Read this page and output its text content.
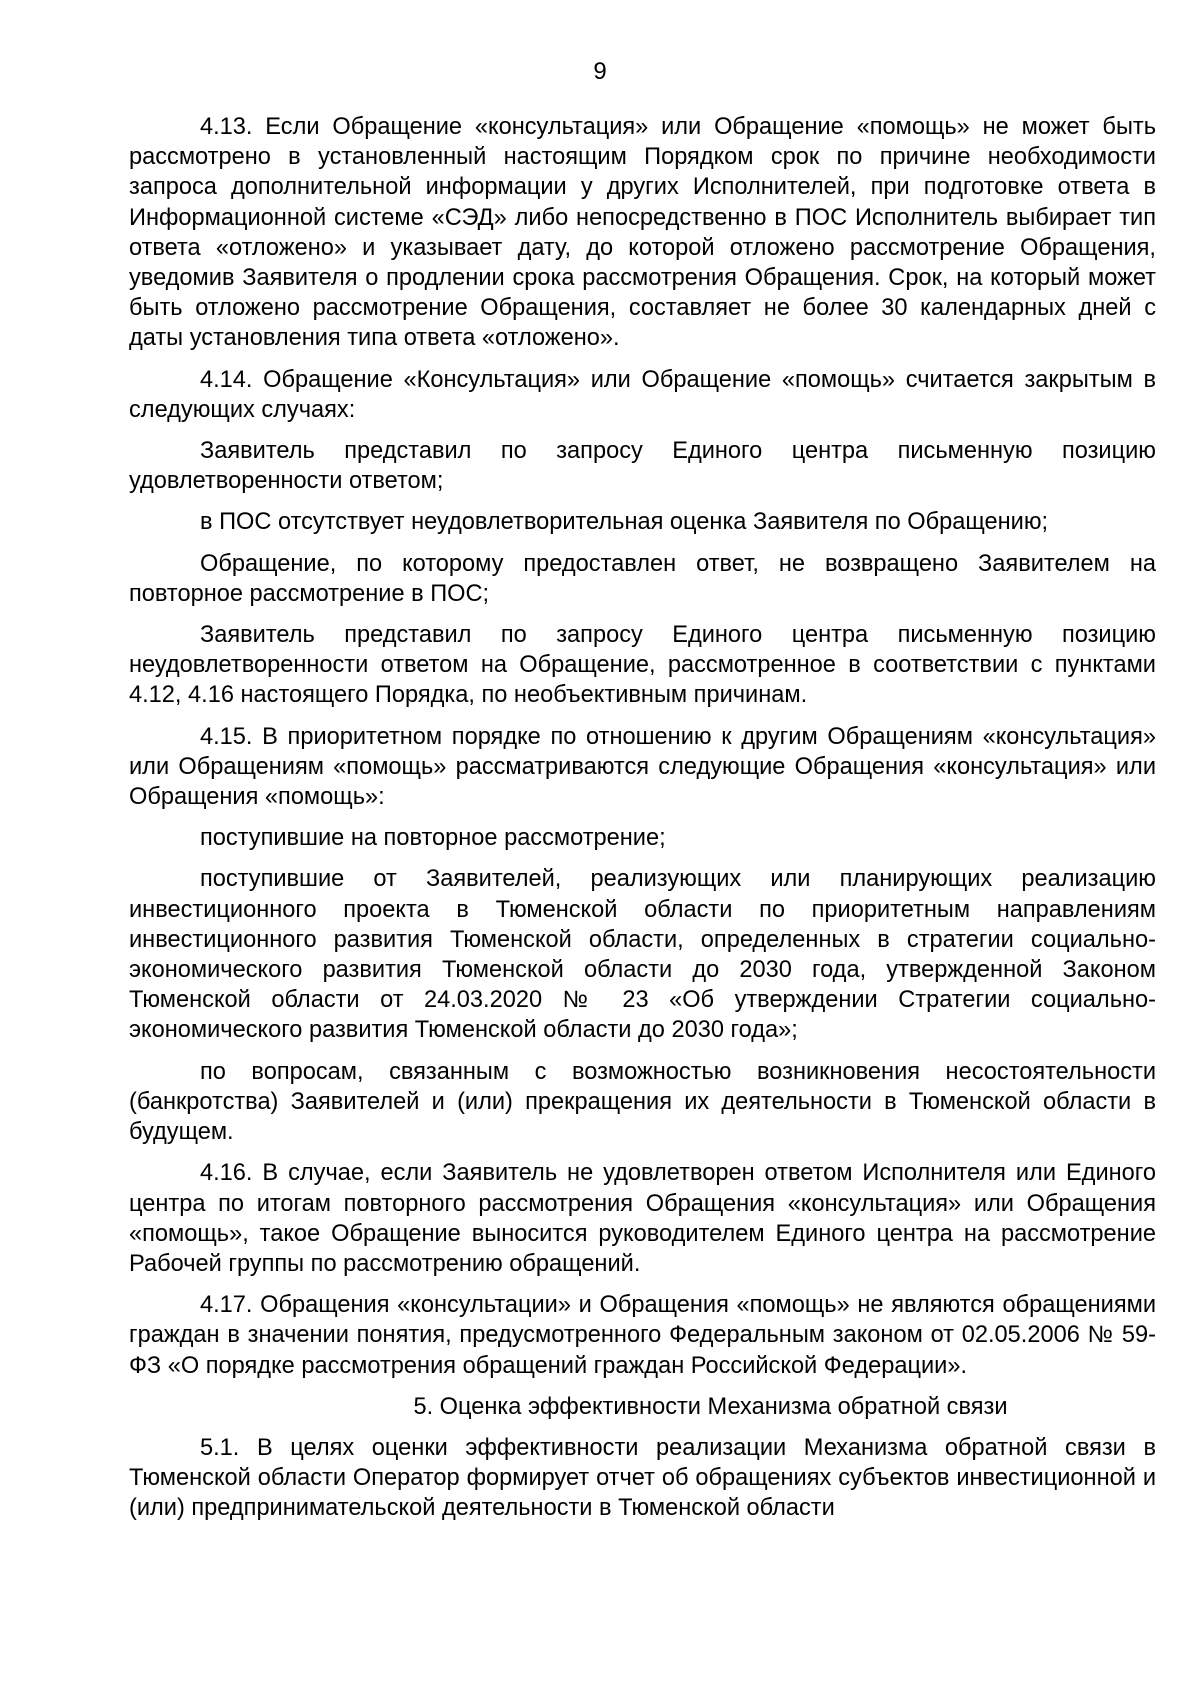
9

4.13. Если Обращение «консультация» или Обращение «помощь» не может быть рассмотрено в установленный настоящим Порядком срок по причине необходимости запроса дополнительной информации у других Исполнителей, при подготовке ответа в Информационной системе «СЭД» либо непосредственно в ПОС Исполнитель выбирает тип ответа «отложено» и указывает дату, до которой отложено рассмотрение Обращения, уведомив Заявителя о продлении срока рассмотрения Обращения. Срок, на который может быть отложено рассмотрение Обращения, составляет не более 30 календарных дней с даты установления типа ответа «отложено».

4.14. Обращение «Консультация» или Обращение «помощь» считается закрытым в следующих случаях:

Заявитель представил по запросу Единого центра письменную позицию удовлетворенности ответом;

в ПОС отсутствует неудовлетворительная оценка Заявителя по Обращению;

Обращение, по которому предоставлен ответ, не возвращено Заявителем на повторное рассмотрение в ПОС;

Заявитель представил по запросу Единого центра письменную позицию неудовлетворенности ответом на Обращение, рассмотренное в соответствии с пунктами 4.12, 4.16 настоящего Порядка, по необъективным причинам.

4.15. В приоритетном порядке по отношению к другим Обращениям «консультация» или Обращениям «помощь» рассматриваются следующие Обращения «консультация» или Обращения «помощь»:

поступившие на повторное рассмотрение;

поступившие от Заявителей, реализующих или планирующих реализацию инвестиционного проекта в Тюменской области по приоритетным направлениям инвестиционного развития Тюменской области, определенных в стратегии социально-экономического развития Тюменской области до 2030 года, утвержденной Законом Тюменской области от 24.03.2020 № 23 «Об утверждении Стратегии социально-экономического развития Тюменской области до 2030 года»;

по вопросам, связанным с возможностью возникновения несостоятельности (банкротства) Заявителей и (или) прекращения их деятельности в Тюменской области в будущем.

4.16. В случае, если Заявитель не удовлетворен ответом Исполнителя или Единого центра по итогам повторного рассмотрения Обращения «консультация» или Обращения «помощь», такое Обращение выносится руководителем Единого центра на рассмотрение Рабочей группы по рассмотрению обращений.

4.17. Обращения «консультации» и Обращения «помощь» не являются обращениями граждан в значении понятия, предусмотренного Федеральным законом от 02.05.2006 № 59-ФЗ «О порядке рассмотрения обращений граждан Российской Федерации».

5. Оценка эффективности Механизма обратной связи

5.1. В целях оценки эффективности реализации Механизма обратной связи в Тюменской области Оператор формирует отчет об обращениях субъектов инвестиционной и (или) предпринимательской деятельности в Тюменской области
